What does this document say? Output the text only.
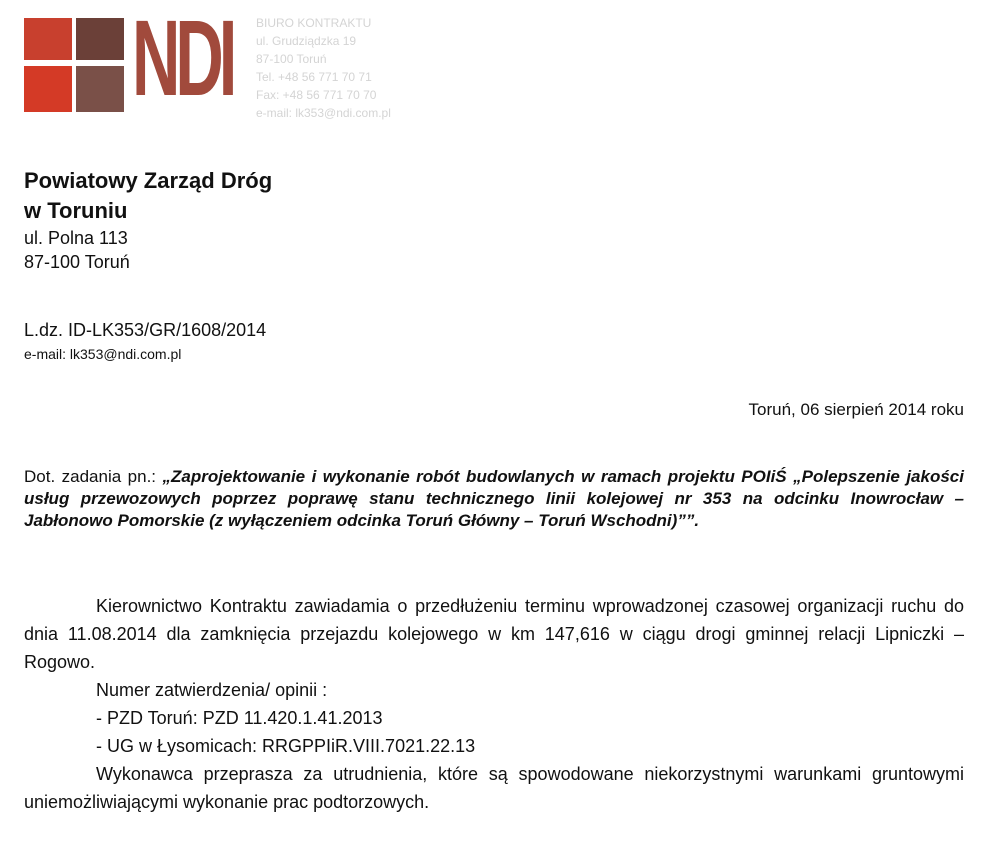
NDI BIURO KONTRAKTU
ul. Grudziądzka 19
87-100 Toruń
Tel. +48 56 771 70 71
Fax: +48 56 771 70 70
e-mail: lk353@ndi.com.pl
Powiatowy Zarząd Dróg
w Toruniu
ul. Polna 113
87-100 Toruń
L.dz. ID-LK353/GR/1608/2014
e-mail: lk353@ndi.com.pl
Toruń, 06 sierpień 2014 roku
Dot. zadania pn.: „Zaprojektowanie i wykonanie robót budowlanych w ramach projektu POIiŚ „Polepszenie jakości usług przewozowych poprzez poprawę stanu technicznego linii kolejowej nr 353 na odcinku Inowrocław – Jabłonowo Pomorskie (z wyłączeniem odcinka Toruń Główny – Toruń Wschodni)””.

Kierownictwo Kontraktu zawiadamia o przedłużeniu terminu wprowadzonej czasowej organizacji ruchu do dnia 11.08.2014 dla zamknięcia przejazdu kolejowego w km 147,616 w ciągu drogi gminnej relacji Lipniczki – Rogowo.

Numer zatwierdzenia/ opinii :

- PZD Toruń: PZD 11.420.1.41.2013

- UG w Łysomicach: RRGPPIiR.VIII.7021.22.13

Wykonawca przeprasza za utrudnienia, które są spowodowane niekorzystnymi warunkami gruntowymi uniemożliwiającymi wykonanie prac podtorzowych.
